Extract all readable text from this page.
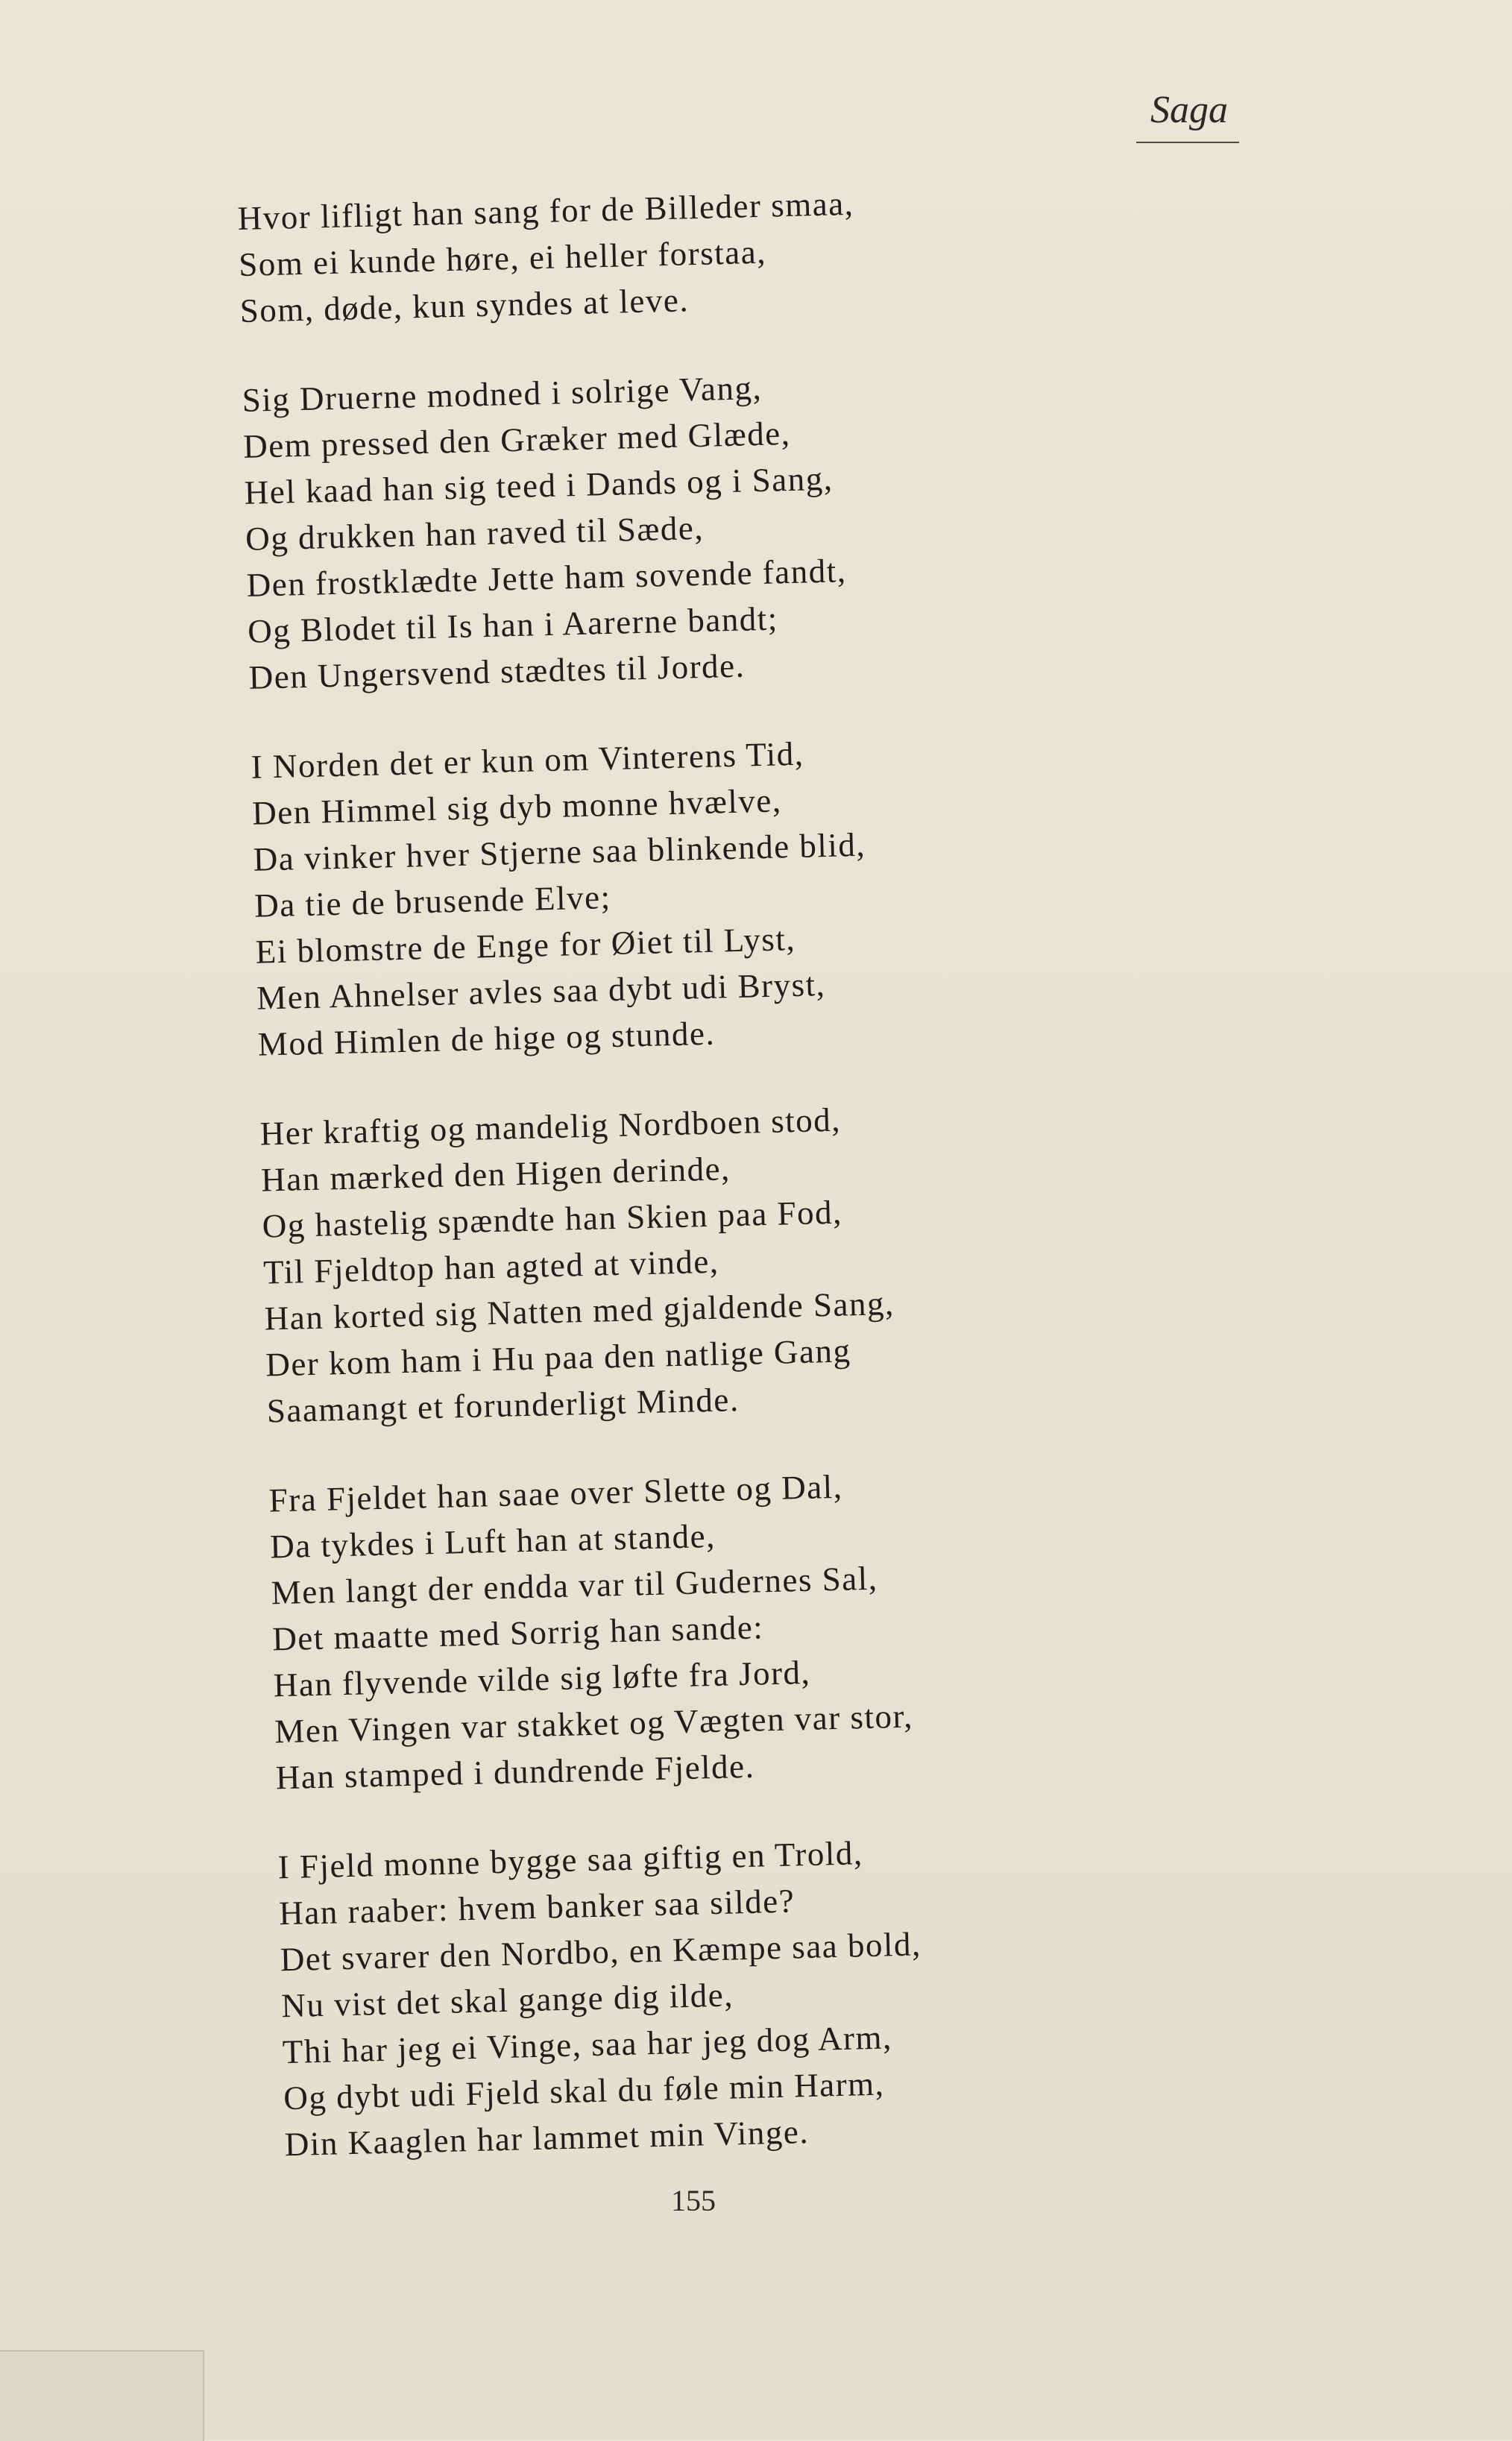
Saga
Hvor lifligt han sang for de Billeder smaa,
Som ei kunde høre, ei heller forstaa,
Som, døde, kun syndes at leve.
Sig Druerne modned i solrige Vang,
Dem pressed den Græker med Glæde,
Hel kaad han sig teed i Dands og i Sang,
Og drukken han raved til Sæde,
Den frostklædte Jette ham sovende fandt,
Og Blodet til Is han i Aarerne bandt;
Den Ungersvend stædtes til Jorde.
I Norden det er kun om Vinterens Tid,
Den Himmel sig dyb monne hvælve,
Da vinker hver Stjerne saa blinkende blid,
Da tie de brusende Elve;
Ei blomstre de Enge for Øiet til Lyst,
Men Ahnelser avles saa dybt udi Bryst,
Mod Himlen de hige og stunde.
Her kraftig og mandelig Nordboen stod,
Han mærked den Higen derinde,
Og hastelig spændte han Skien paa Fod,
Til Fjeldtop han agted at vinde,
Han korted sig Natten med gjaldende Sang,
Der kom ham i Hu paa den natlige Gang
Saamangt et forunderligt Minde.
Fra Fjeldet han saae over Slette og Dal,
Da tykdes i Luft han at stande,
Men langt der endda var til Gudernes Sal,
Det maatte med Sorrig han sande:
Han flyvende vilde sig løfte fra Jord,
Men Vingen var stakket og Vægten var stor,
Han stamped i dundrende Fjelde.
I Fjeld monne bygge saa giftig en Trold,
Han raaber: hvem banker saa silde?
Det svarer den Nordbo, en Kæmpe saa bold,
Nu vist det skal gange dig ilde,
Thi har jeg ei Vinge, saa har jeg dog Arm,
Og dybt udi Fjeld skal du føle min Harm,
Din Kaaglen har lammet min Vinge.
155
